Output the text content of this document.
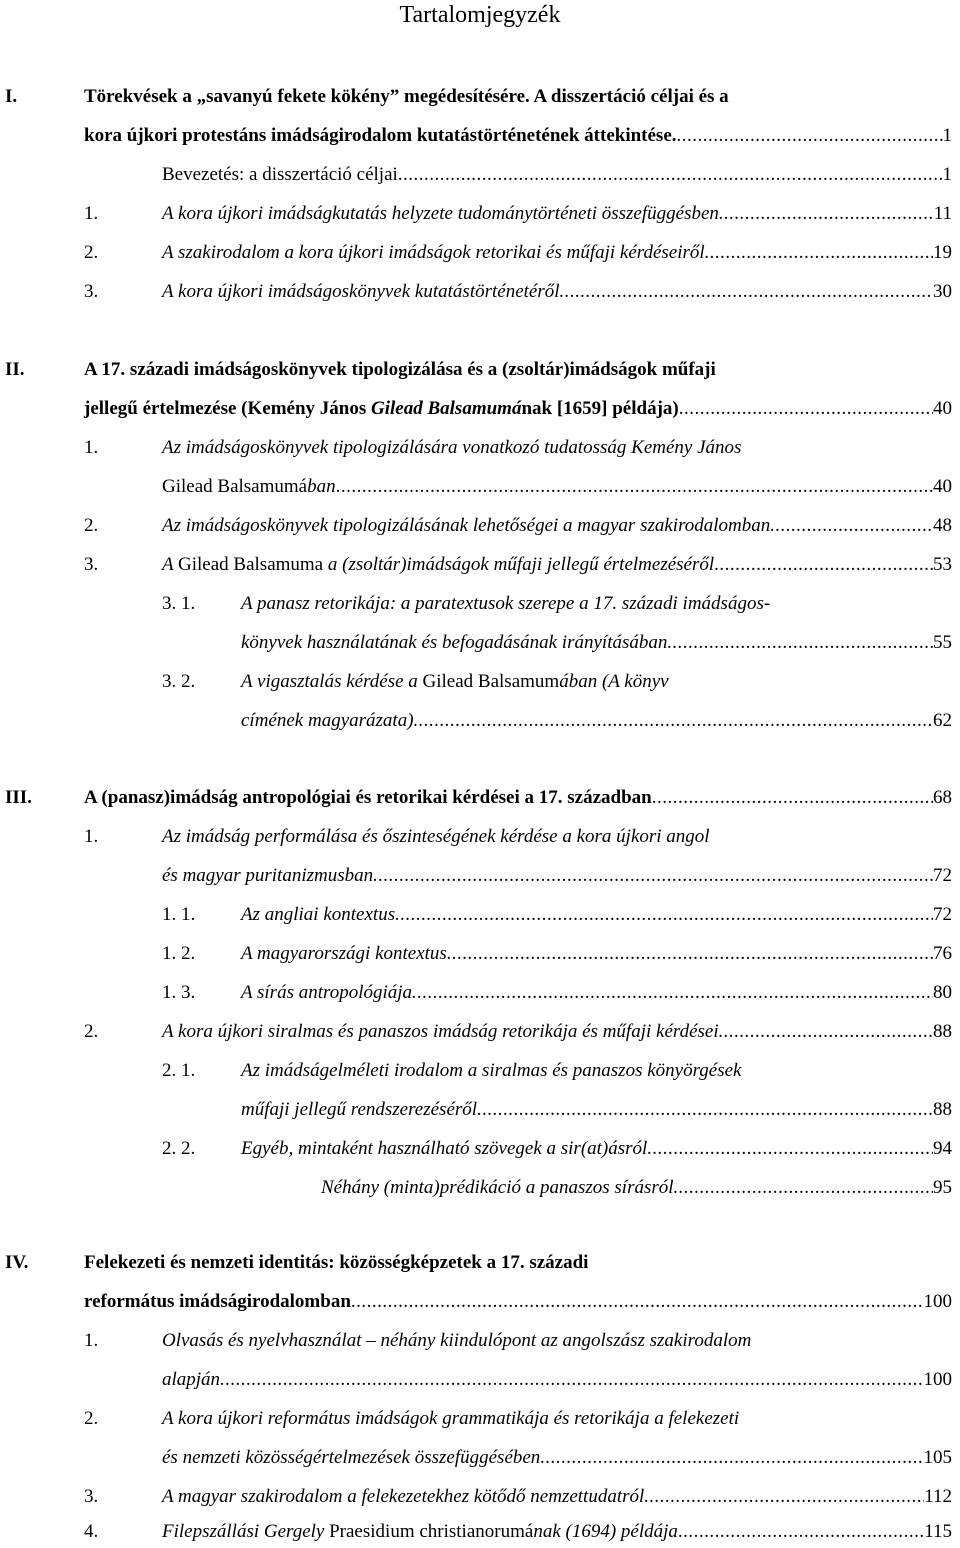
Tartalomjegyzék
I.	Törekvések a „savanyú fekete kökény” megédesítésére. A disszertáció céljai és a
kora újkori protestáns imádságirodalom kutatástörténetének áttekintése. .....	1
Bevezetés: a disszertáció céljai .....	1
1.	A kora újkori imádságkutatás helyzete tudománytörténeti összefüggésben .....	11
2.	A szakirodalom a kora újkori imádságok retorikai és műfaji kérdéseiről .....	19
3.	A kora újkori imádságoskönyvek kutatástörténetéről .....	30
II.	A 17. századi imádságoskönyvek tipologizálása és a (zsoltár)imádságok műfaji
jellegű értelmezése (Kemény János Gilead Balsamumának [1659] példája) .....	40
1.	Az imádságoskönyvek tipologizálására vonatkozó tudatosság Kemény János
Gilead Balsamumában .....	40
2.	Az imádságoskönyvek tipologizálásának lehetőségei a magyar szakirodalomban .....	48
3.	A Gilead Balsamuma a (zsoltár)imádságok műfaji jellegű értelmezéséről .....	53
3. 1. A panasz retorikája: a paratextusok szerepe a 17. századi imádságos-
könyvek használatának és befogadásának irányításában .....	55
3. 2. A vigasztalás kérdése a Gilead Balsamumában (A könyv
címének magyarázata) .....	62
III.	A (panasz)imádság antropológiai és retorikai kérdései a 17. században .....	68
1.	Az imádság performálása és őszinteségének kérdése a kora újkori angol
és magyar puritanizmusban .....	72
1. 1. Az angliai kontextus .....	72
1. 2. A magyarországi kontextus .....	76
1. 3. A sírás antropológiája .....	80
2.	A kora újkori siralmas és panaszos imádság retorikája és műfaji kérdései .....	88
2. 1. Az imádságelméleti irodalom a siralmas és panaszos könyörgések
műfaji jellegű rendszerezéséről .....	88
2. 2. Egyéb, mintaként használható szövegek a sir(at)ásról .....	94
Néhány (minta)prédikáció a panaszos sírásról .....	95
IV.	Felekezeti és nemzeti identitás: közösségképzetek a 17. századi
református imádságirodalomban .....	100
1.	Olvasás és nyelvhasználat – néhány kiindulópont az angolszász szakirodalom
alapján .....	100
2.	A kora újkori református imádságok grammatikája és retorikája a felekezeti
és nemzeti közösségértelmezések összefüggésében .....	105
3.	A magyar szakirodalom a felekezetekhez kötődő nemzettudatról .....	112
4.	Filepszállási Gergely Praesidium christianorumának (1694) példája .....	115
